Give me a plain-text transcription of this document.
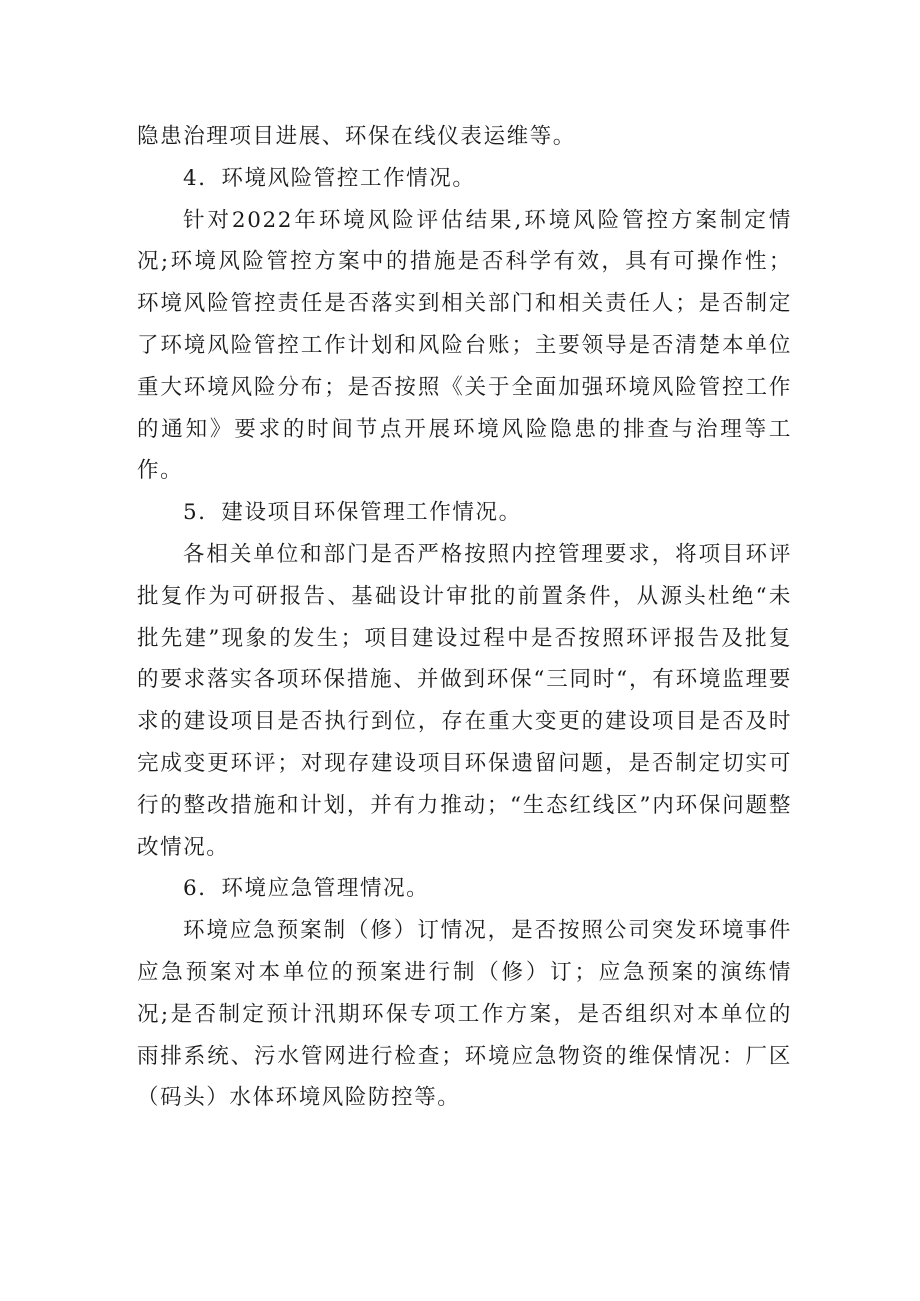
隐患治理项目进展、环保在线仪表运维等。

4．环境风险管控工作情况。

针对2022年环境风险评估结果,环境风险管控方案制定情况;环境风险管控方案中的措施是否科学有效，具有可操作性；环境风险管控责任是否落实到相关部门和相关责任人；是否制定了环境风险管控工作计划和风险台账；主要领导是否清楚本单位重大环境风险分布；是否按照《关于全面加强环境风险管控工作的通知》要求的时间节点开展环境风险隐患的排查与治理等工作。

5．建设项目环保管理工作情况。

各相关单位和部门是否严格按照内控管理要求，将项目环评批复作为可研报告、基础设计审批的前置条件，从源头杜绝“未批先建”现象的发生；项目建设过程中是否按照环评报告及批复的要求落实各项环保措施、并做到环保“三同时“，有环境监理要求的建设项目是否执行到位，存在重大变更的建设项目是否及时完成变更环评；对现存建设项目环保遗留问题，是否制定切实可行的整改措施和计划，并有力推动；“生态红线区”内环保问题整改情况。

6．环境应急管理情况。

环境应急预案制（修）订情况，是否按照公司突发环境事件应急预案对本单位的预案进行制（修）订；应急预案的演练情况;是否制定预计汛期环保专项工作方案，是否组织对本单位的雨排系统、污水管网进行检查；环境应急物资的维保情况：厂区（码头）水体环境风险防控等。
